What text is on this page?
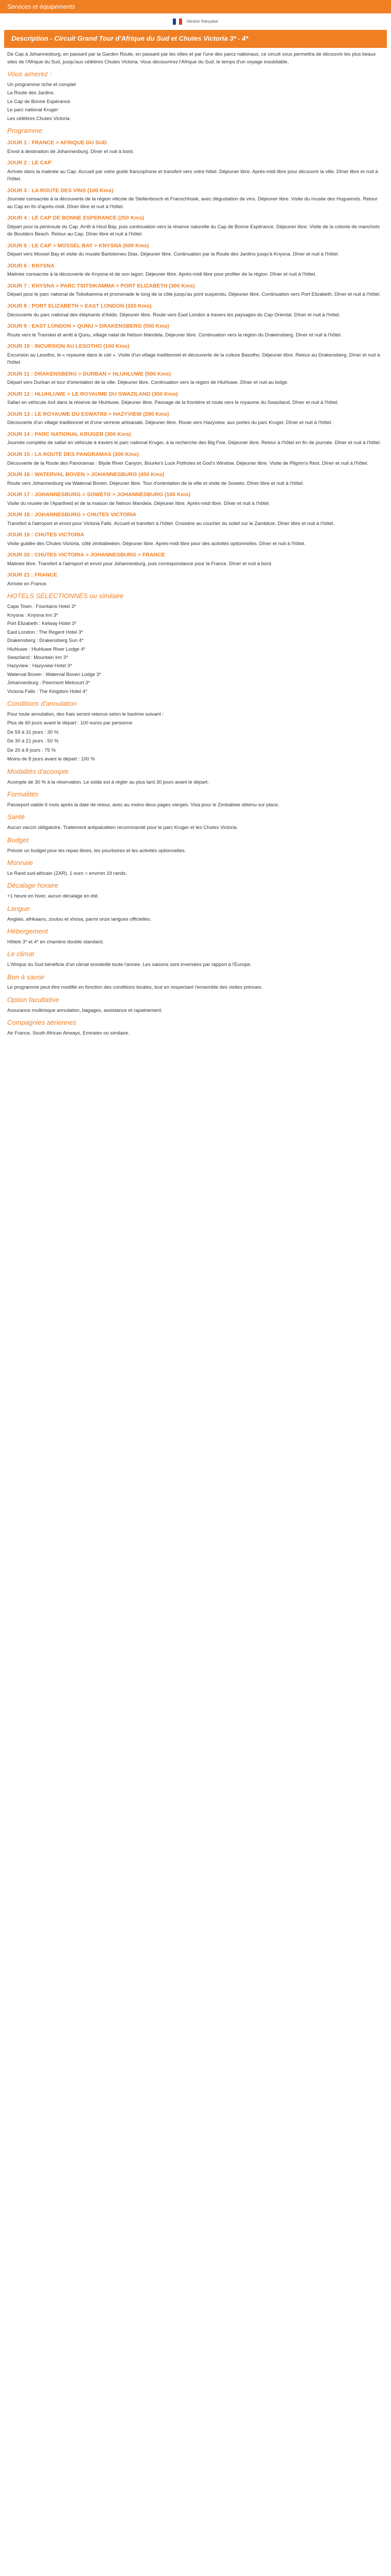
Services et équipements
Version française
Description - Circuit Grand Tour d'Afrique du Sud et Chutes Victoria 3* - 4*

De Cap à Johannesburg, en passant par la Garden Route, en passant par les villes et par l'une des parcs nationaux, ce circuit vous permettra de découvrir les plus beaux sites de l'Afrique du Sud, jusqu'aux célèbres Chutes Victoria. Vous découvrirez l'Afrique du Sud, le temps d'un voyage inoubliable.

Vous aimerez :
Un programme riche et complet
La Route des Jardins
Le Cap de Bonne Espérance
Le parc national Kruger
Les célèbres Chutes Victoria
Programme
JOUR 1 : FRANCE > AFRIQUE DU SUD

Envol à destination de Johannesburg. Dîner et nuit à bord.

JOUR 2 : LE CAP

Arrivée dans la matinée au Cap. Accueil par votre guide francophone et transfert vers votre hôtel. Déjeuner libre. Après-midi libre pour découvrir la ville. Dîner libre et nuit à l'hôtel.

JOUR 3 : LA ROUTE DES VINS (100 Kms)

Journée consacrée à la découverte de la région viticole de Stellenbosch et Franschhoek, avec dégustation de vins. Déjeuner libre. Visite du musée des Huguenots. Retour au Cap en fin d'après-midi. Dîner libre et nuit à l'hôtel.

JOUR 4 : LE CAP DE BONNE ESPERANCE (250 Kms)

Départ pour la péninsule du Cap. Arrêt à Hout Bay, puis continuation vers la réserve naturelle du Cap de Bonne Espérance. Déjeuner libre. Visite de la colonie de manchots de Boulders Beach. Retour au Cap. Dîner libre et nuit à l'hôtel.

JOUR 5 : LE CAP > MOSSEL BAY > KNYSNA (500 Kms)

Départ vers Mossel Bay et visite du musée Bartolomeu Dias. Déjeuner libre. Continuation par la Route des Jardins jusqu'à Knysna. Dîner et nuit à l'hôtel.

JOUR 6 : KNYSNA

Matinée consacrée à la découverte de Knysna et de son lagon. Déjeuner libre. Après-midi libre pour profiter de la région. Dîner et nuit à l'hôtel.

JOUR 7 : KNYSNA > PARC TSITSIKAMMA > PORT ELIZABETH (300 Kms)

Départ pour le parc national de Tsitsikamma et promenade le long de la côte jusqu'au pont suspendu. Déjeuner libre. Continuation vers Port Elizabeth. Dîner et nuit à l'hôtel.

JOUR 8 : PORT ELIZABETH > EAST LONDON (320 Kms)

Découverte du parc national des éléphants d'Addo. Déjeuner libre. Route vers East London à travers les paysages du Cap Oriental. Dîner et nuit à l'hôtel.

JOUR 9 : EAST LONDON > QUNU > DRAKENSBERG (550 Kms)

Route vers le Transkei et arrêt à Qunu, village natal de Nelson Mandela. Déjeuner libre. Continuation vers la région du Drakensberg. Dîner et nuit à l'hôtel.

JOUR 10 : INCURSION AU LESOTHO (100 Kms)

Excursion au Lesotho, le « royaume dans le ciel ». Visite d'un village traditionnel et découverte de la culture Basotho. Déjeuner libre. Retour au Drakensberg. Dîner et nuit à l'hôtel.

JOUR 11 : DRAKENSBERG > DURBAN > HLUHLUWE (500 Kms)

Départ vers Durban et tour d'orientation de la ville. Déjeuner libre. Continuation vers la région de Hluhluwe. Dîner et nuit au lodge.

JOUR 12 : HLUHLUWE > LE ROYAUME DU SWAZILAND (350 Kms)

Safari en véhicule 4x4 dans la réserve de Hluhluwe. Déjeuner libre. Passage de la frontière et route vers le royaume du Swaziland. Dîner et nuit à l'hôtel.

JOUR 13 : LE ROYAUME DU ESWATINI > HAZYVIEW (280 Kms)

Découverte d'un village traditionnel et d'une verrerie artisanale. Déjeuner libre. Route vers Hazyview, aux portes du parc Kruger. Dîner et nuit à l'hôtel.

JOUR 14 : PARC NATIONAL KRUGER (300 Kms)

Journée complète de safari en véhicule à travers le parc national Kruger, à la recherche des Big Five. Déjeuner libre. Retour à l'hôtel en fin de journée. Dîner et nuit à l'hôtel.

JOUR 15 : LA ROUTE DES PANORAMAS (300 Kms)

Découverte de la Route des Panoramas : Blyde River Canyon, Bourke's Luck Potholes et God's Window. Déjeuner libre. Visite de Pilgrim's Rest. Dîner et nuit à l'hôtel.

JOUR 16 : WATERVAL BOVEN > JOHANNESBURG (450 Kms)

Route vers Johannesburg via Waterval Boven. Déjeuner libre. Tour d'orientation de la ville et visite de Soweto. Dîner libre et nuit à l'hôtel.

JOUR 17 : JOHANNESBURG > SOWETO > JOHANNESBURG (100 Kms)

Visite du musée de l'Apartheid et de la maison de Nelson Mandela. Déjeuner libre. Après-midi libre. Dîner et nuit à l'hôtel.

JOUR 18 : JOHANNESBURG > CHUTES VICTORIA

Transfert à l'aéroport et envol pour Victoria Falls. Accueil et transfert à l'hôtel. Croisière au coucher du soleil sur le Zambèze. Dîner libre et nuit à l'hôtel.

JOUR 19 : CHUTES VICTORIA

Visite guidée des Chutes Victoria, côté zimbabwéen. Déjeuner libre. Après-midi libre pour des activités optionnelles. Dîner et nuit à l'hôtel.

JOUR 20 : CHUTES VICTORIA > JOHANNESBURG > FRANCE

Matinée libre. Transfert à l'aéroport et envol pour Johannesburg, puis correspondance pour la France. Dîner et nuit à bord.

JOUR 21 : FRANCE

Arrivée en France.

HOTELS SÉLECTIONNÉS ou similaire

Cape Town : Fountains Hotel 3*

Knysna : Knysna Inn 3*

Port Elizabeth : Kelway Hotel 3*

East London : The Regent Hotel 3*

Drakensberg : Drakensberg Sun 4*

Hluhluwe : Hluhluwe River Lodge 4*

Swaziland : Mountain Inn 3*

Hazyview : Hazyview Hotel 3*

Waterval Boven : Waterval Boven Lodge 3*

Johannesburg : Peermont Metcourt 3*

Victoria Falls : The Kingdom Hotel 4*

Conditions d'annulation

Pour toute annulation, des frais seront retenus selon le barème suivant :

Plus de 60 jours avant le départ : 100 euros par personne

De 59 à 31 jours : 30 %

De 30 à 21 jours : 50 %

De 20 à 8 jours : 75 %

Moins de 8 jours avant le départ : 100 %

Modalités d'acompte

Acompte de 30 % à la réservation. Le solde est à régler au plus tard 30 jours avant le départ.

Formalités

Passeport valide 6 mois après la date de retour, avec au moins deux pages vierges. Visa pour le Zimbabwe obtenu sur place.

Santé

Aucun vaccin obligatoire. Traitement antipaludéen recommandé pour le parc Kruger et les Chutes Victoria.

Budget

Prévoir un budget pour les repas libres, les pourboires et les activités optionnelles.

Monnaie

Le Rand sud-africain (ZAR). 1 euro = environ 19 rands.

Décalage horaire

+1 heure en hiver, aucun décalage en été.

Langue

Anglais, afrikaans, zoulou et xhosa, parmi onze langues officielles.

Hébergement

Hôtels 3* et 4* en chambre double standard.

Le climat

L'Afrique du Sud bénéficie d'un climat ensoleillé toute l'année. Les saisons sont inversées par rapport à l'Europe.

Bon à savoir

Le programme peut être modifié en fonction des conditions locales, tout en respectant l'ensemble des visites prévues.

Option facultative

Assurance multirisque annulation, bagages, assistance et rapatriement.

Compagnies aériennes

Air France, South African Airways, Emirates ou similaire.
